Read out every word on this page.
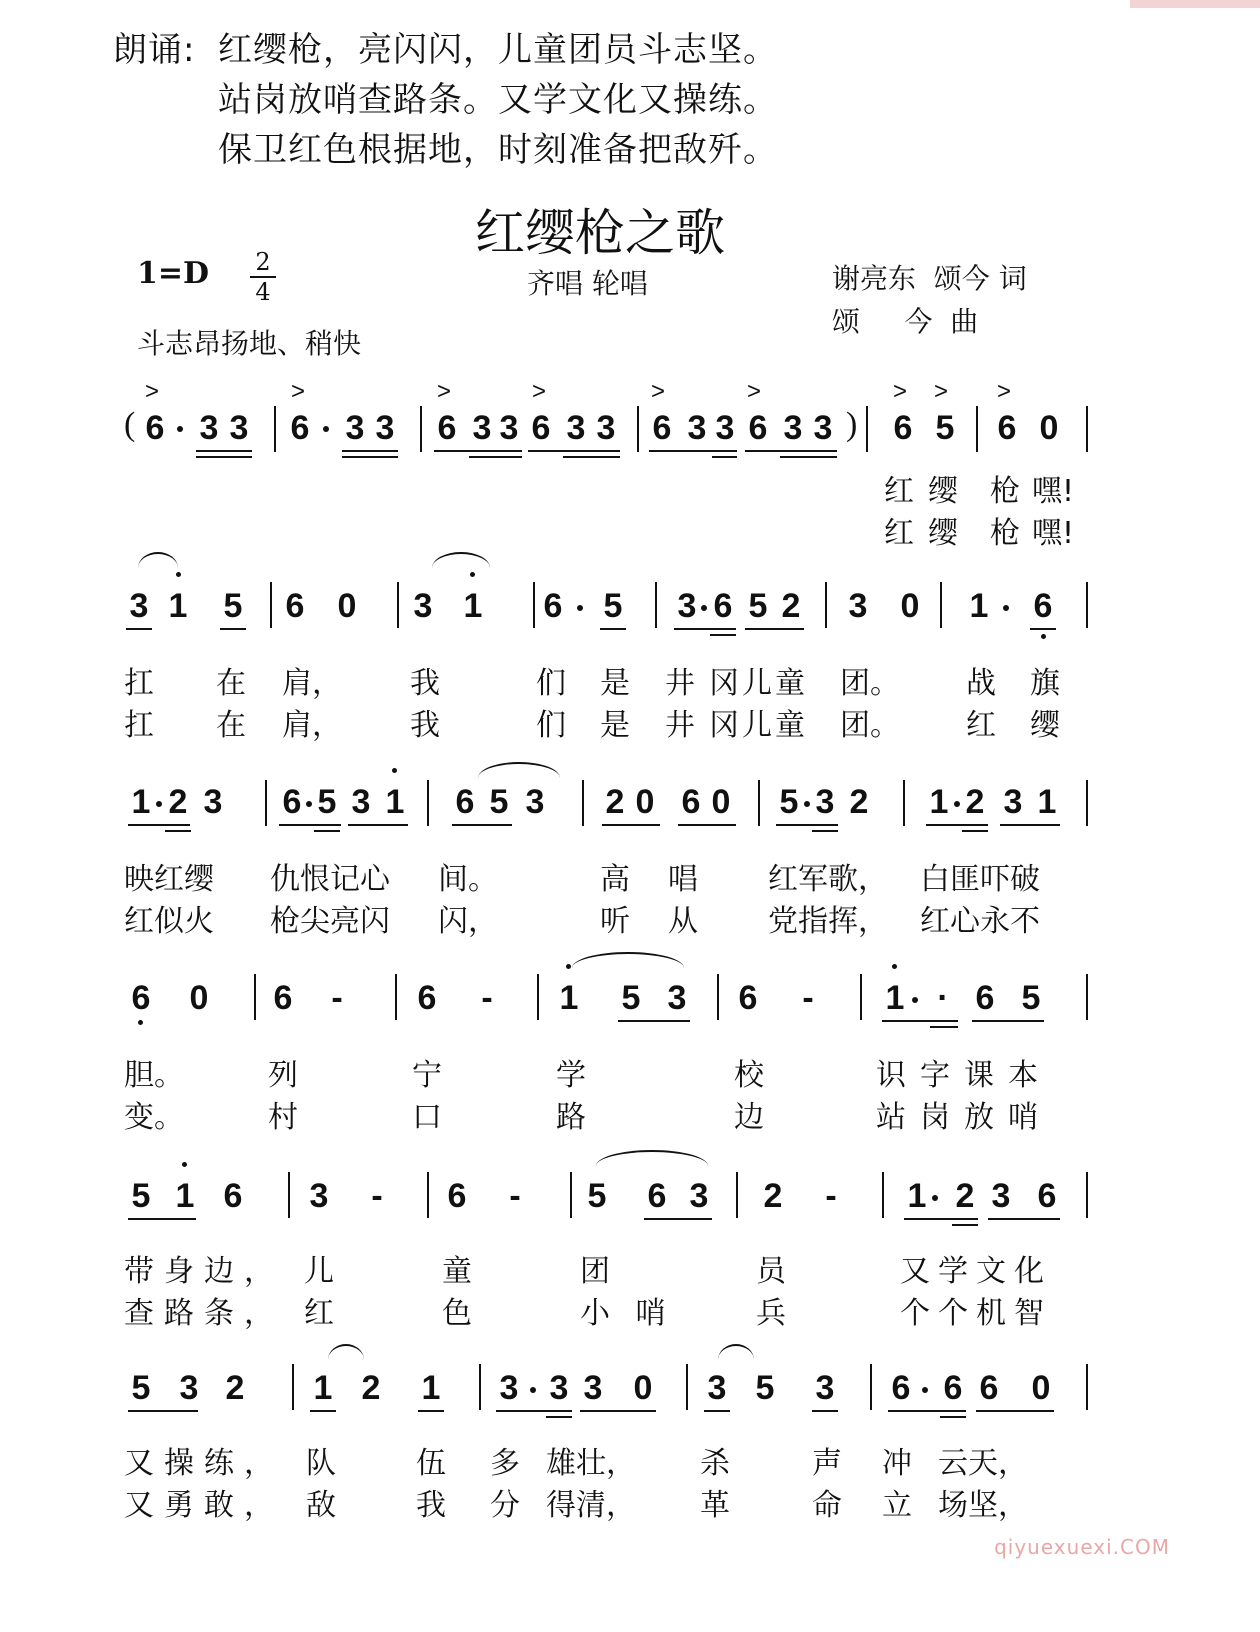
朗诵: 红缨枪，亮闪闪，儿童团员斗志坚。
站岗放哨查路条。又学文化又操练。
保卫红色根据地，时刻准备把敌歼。
红缨枪之歌
$1=D \frac{2}{4}$	齐唱 轮唱	谢亮东  颂今 词
颂     今  曲
斗志昂扬地、稍快
>	>	>	>	>	>	> > >
( 6 3 3 6 3 3 6 3 3 6 3 3 6 3 3 6 3 3 ) 6 5 6 0
红 缨 枪 嘿!
红 缨 枪 嘿!
3 1 5 6 0 3 1 6 5 3 6 5 2 3 0 1 6
扛 在 肩， 我	们 是 井 冈 儿 童 团。 战 旗
扛 在 肩， 我	们 是 井 冈 儿 童 团。 红 缨
1 2 3 6 5 3 1 6 5 3 2 0 6 0 5 3 2 1 2 3 1
映红缨 仇恨记心 间。	高 唱 红军歌， 白匪吓破
红似火 枪尖亮闪 闪，	听 从 党指挥， 红心永不
6 0 6 - 6 - 1 5 3 6 - 1 · 6 5
胆。	列	宁	学	校	识字课本
变。	村	口	路	边	站岗放哨
5 1 6 3 - 6 - 5 6 3 2 - 1 2 3 6
带身边， 儿	童	团	员	又学文化
查路条， 红	色	小 哨	兵	个个机智
5 3 2 1 2 1 3 3 3 0 3 5 3 6 6 6 0
又操练， 队	伍 多 雄壮， 杀	声 冲 云天，
又勇敢， 敌	我 分 得清， 革	命 立 场坚，
qiyuexuexi.COM
